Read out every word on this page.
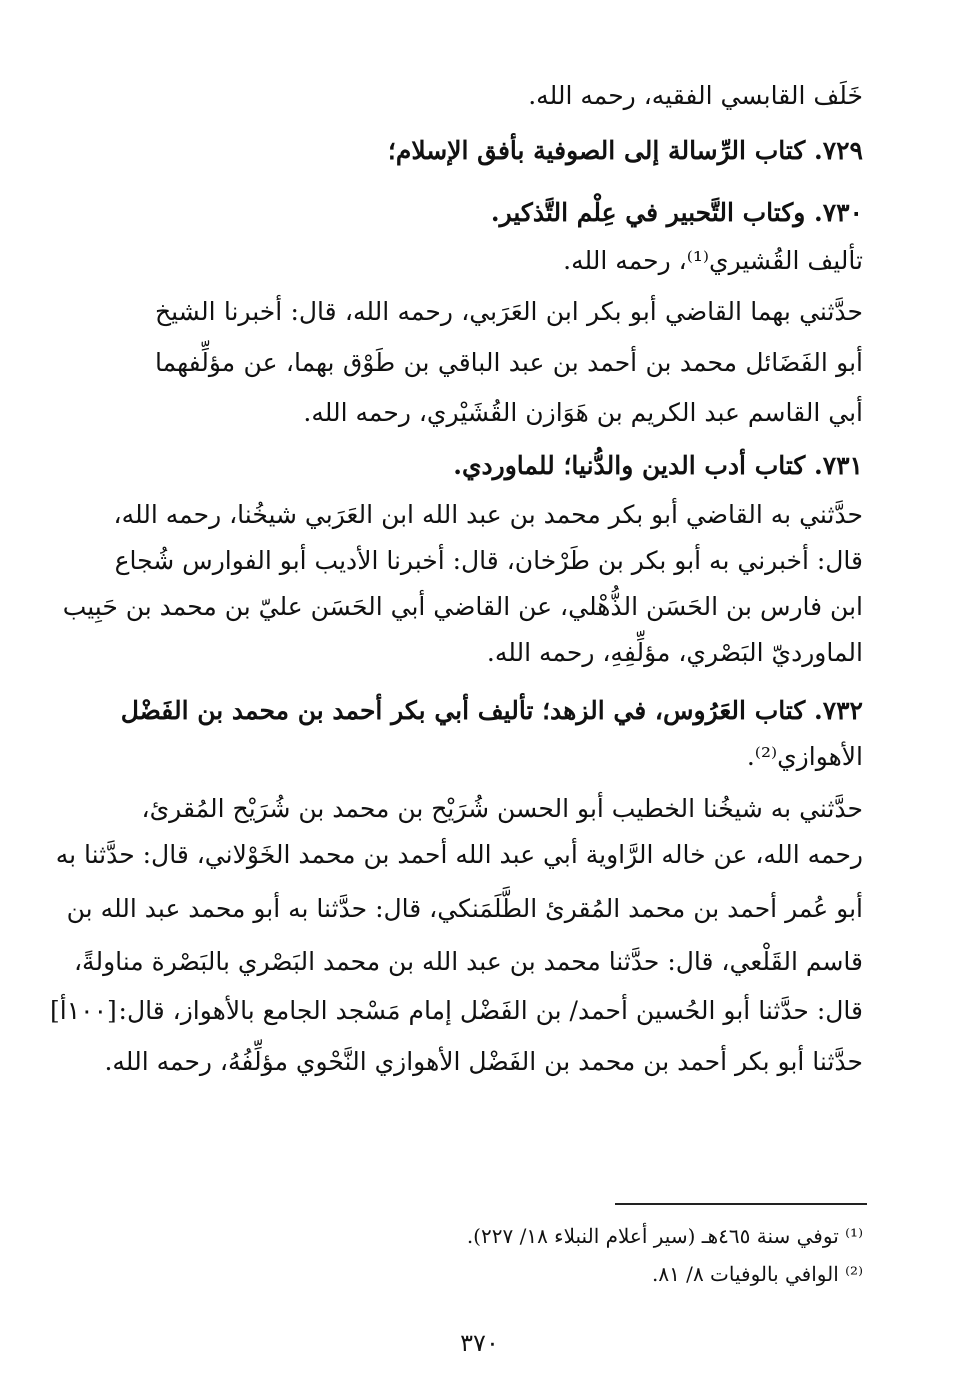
خَلَف القابسي الفقيه، رحمه الله.
٧٢٩. كتاب الرِّسالة إلى الصوفية بأفق الإسلام؛
٧٣٠. وكتاب التَّحبير في عِلْم التَّذكير.
تأليف القُشيري⁽¹⁾، رحمه الله.
حدَّثني بهما القاضي أبو بكر ابن العَرَبي، رحمه الله، قال: أخبرنا الشيخ
أبو الفَضَائل محمد بن أحمد بن عبد الباقي بن طَوْق بهما، عن مؤلِّفهما
أبي القاسم عبد الكريم بن هَوَازن القُشَيْري، رحمه الله.
٧٣١. كتاب أدب الدين والدُّنيا؛ للماوردي.
حدَّثني به القاضي أبو بكر محمد بن عبد الله ابن العَرَبي شيخُنا، رحمه الله،
قال: أخبرني به أبو بكر بن طَرْخان، قال: أخبرنا الأديب أبو الفوارس شُجاع
ابن فارس بن الحَسَن الذُّهْلي، عن القاضي أبي الحَسَن عليّ بن محمد بن حَبِيب
الماورديّ البَصْري، مؤلِّفِهِ، رحمه الله.
٧٣٢. كتاب العَرُوس، في الزهد؛ تأليف أبي بكر أحمد بن محمد بن الفَضْل
الأهوازي⁽²⁾.
حدَّثني به شيخُنا الخطيب أبو الحسن شُرَيْح بن محمد بن شُرَيْح المُقرئ،
رحمه الله، عن خاله الرَّاوية أبي عبد الله أحمد بن محمد الخَوْلاني، قال: حدَّثنا به
أبو عُمر أحمد بن محمد المُقرئ الطَّلَمَنكي، قال: حدَّثنا به أبو محمد عبد الله بن
قاسم القَلْعي، قال: حدَّثنا محمد بن عبد الله بن محمد البَصْري بالبَصْرة مناولةً،
قال: حدَّثنا أبو الحُسين أحمد/ بن الفَضْل إمام مَسْجد الجامع بالأهواز، قال:
حدَّثنا أبو بكر أحمد بن محمد بن الفَضْل الأهوازي النَّحْوي مؤلِّفُهُ، رحمه الله.
[١٠٠أ]
⁽¹⁾ توفي سنة ٤٦٥هـ (سير أعلام النبلاء ١٨/ ٢٢٧).
⁽²⁾ الوافي بالوفيات ٨/ ٨١.
٣٧٠
